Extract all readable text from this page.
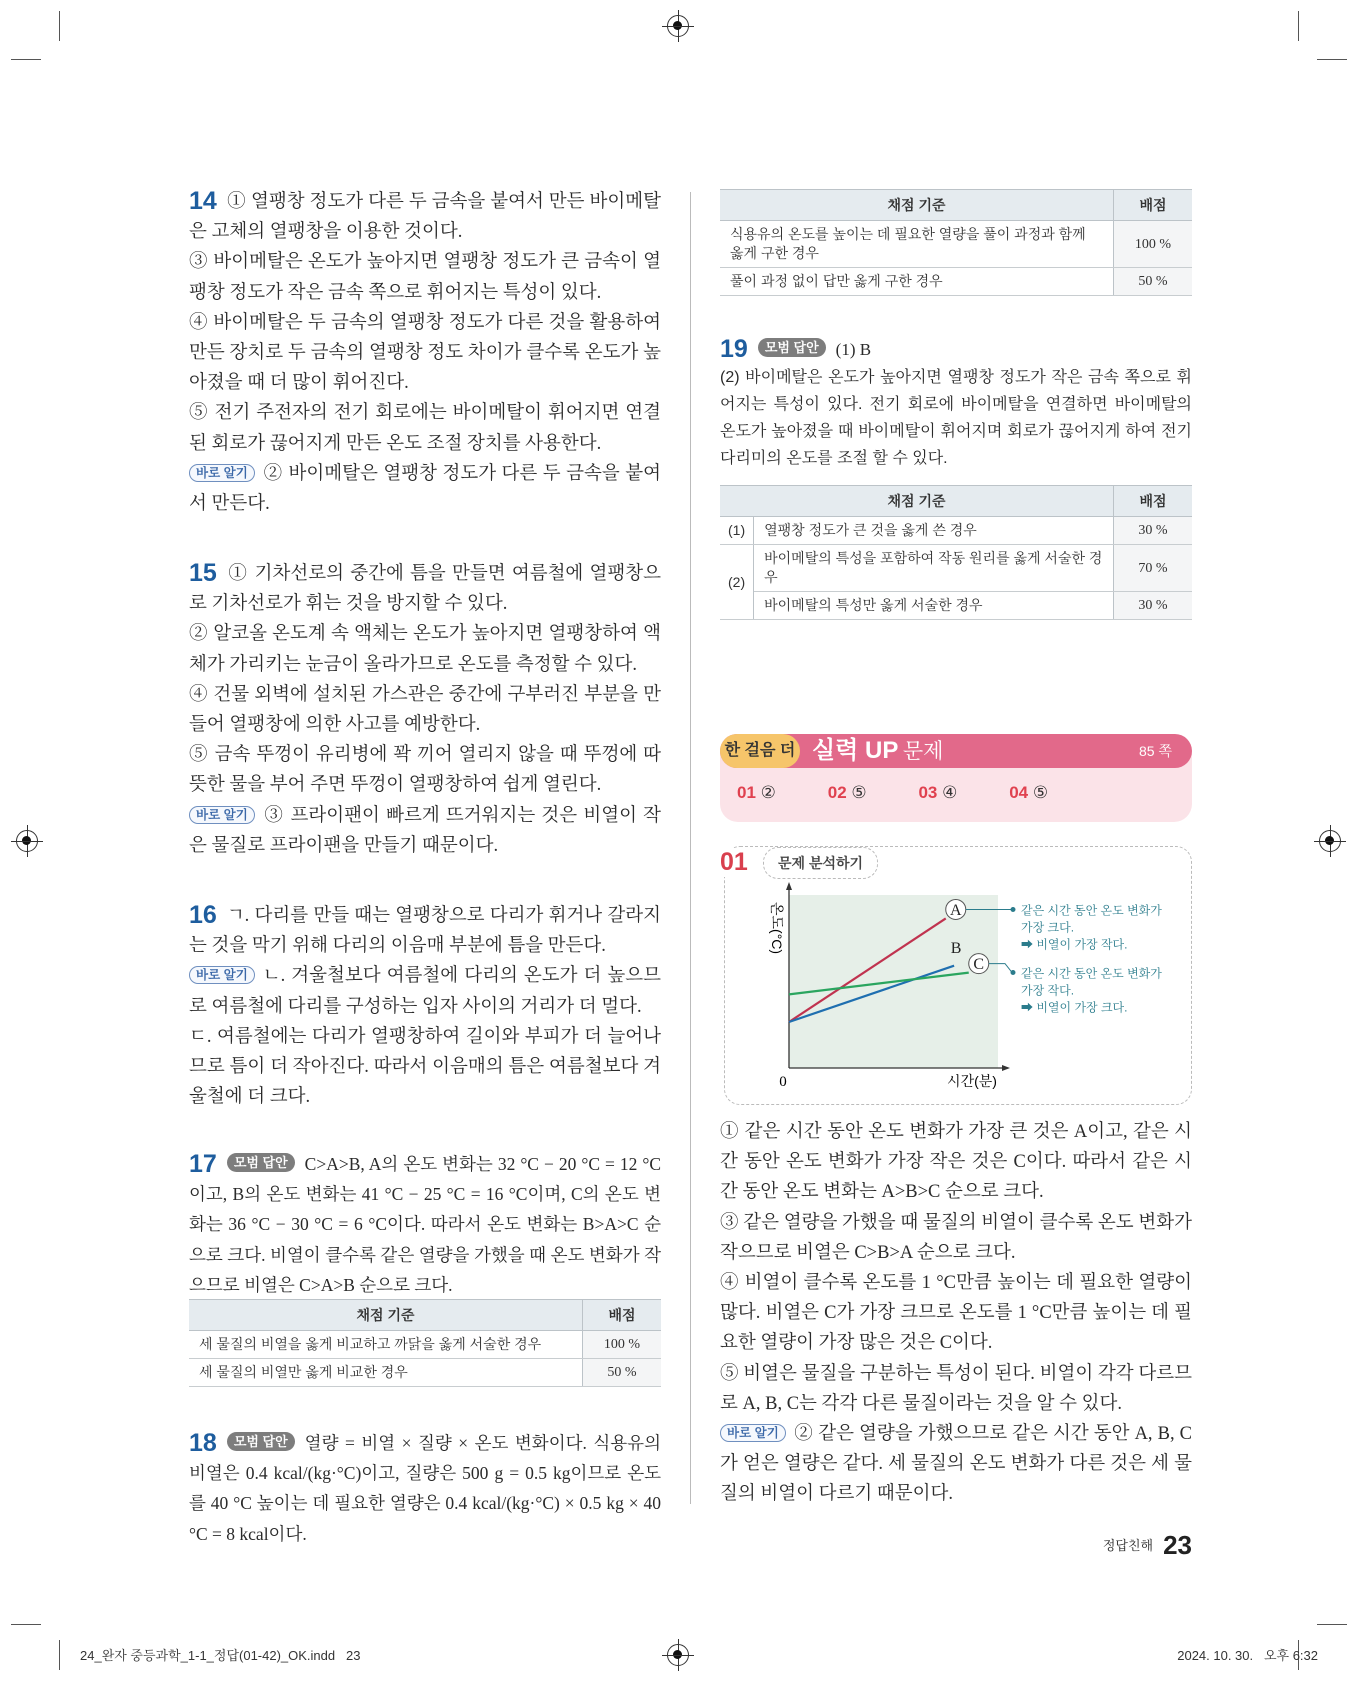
14 ① 열팽창 정도가 다른 두 금속을 붙여서 만든 바이메탈은 고체의 열팽창을 이용한 것이다.

③ 바이메탈은 온도가 높아지면 열팽창 정도가 큰 금속이 열팽창 정도가 작은 금속 쪽으로 휘어지는 특성이 있다.

④ 바이메탈은 두 금속의 열팽창 정도가 다른 것을 활용하여 만든 장치로 두 금속의 열팽창 정도 차이가 클수록 온도가 높아졌을 때 더 많이 휘어진다.

⑤ 전기 주전자의 전기 회로에는 바이메탈이 휘어지면 연결된 회로가 끊어지게 만든 온도 조절 장치를 사용한다.

바로 알기 ② 바이메탈은 열팽창 정도가 다른 두 금속을 붙여서 만든다.

15 ① 기차선로의 중간에 틈을 만들면 여름철에 열팽창으로 기차선로가 휘는 것을 방지할 수 있다.

② 알코올 온도계 속 액체는 온도가 높아지면 열팽창하여 액체가 가리키는 눈금이 올라가므로 온도를 측정할 수 있다.

④ 건물 외벽에 설치된 가스관은 중간에 구부러진 부분을 만들어 열팽창에 의한 사고를 예방한다.

⑤ 금속 뚜껑이 유리병에 꽉 끼어 열리지 않을 때 뚜껑에 따뜻한 물을 부어 주면 뚜껑이 열팽창하여 쉽게 열린다.

바로 알기 ③ 프라이팬이 빠르게 뜨거워지는 것은 비열이 작은 물질로 프라이팬을 만들기 때문이다.

16 ㄱ. 다리를 만들 때는 열팽창으로 다리가 휘거나 갈라지는 것을 막기 위해 다리의 이음매 부분에 틈을 만든다.

바로 알기 ㄴ. 겨울철보다 여름철에 다리의 온도가 더 높으므로 여름철에 다리를 구성하는 입자 사이의 거리가 더 멀다.

ㄷ. 여름철에는 다리가 열팽창하여 길이와 부피가 더 늘어나므로 틈이 더 작아진다. 따라서 이음매의 틈은 여름철보다 겨울철에 더 크다.

17 모범 답안 C>A>B, A의 온도 변화는 32 °C − 20 °C = 12 °C이고, B의 온도 변화는 41 °C − 25 °C = 16 °C이며, C의 온도 변화는 36 °C − 30 °C = 6 °C이다. 따라서 온도 변화는 B>A>C 순으로 크다. 비열이 클수록 같은 열량을 가했을 때 온도 변화가 작으므로 비열은 C>A>B 순으로 크다.

채점 기준	배점
세 물질의 비열을 옳게 비교하고 까닭을 옳게 서술한 경우	100 %
세 물질의 비열만 옳게 비교한 경우	50 %

18 모범 답안 열량 = 비열 × 질량 × 온도 변화이다. 식용유의 비열은 0.4 kcal/(kg·°C)이고, 질량은 500 g = 0.5 kg이므로 온도를 40 °C 높이는 데 필요한 열량은 0.4 kcal/(kg·°C) × 0.5 kg × 40 °C = 8 kcal이다.

채점 기준	배점
식용유의 온도를 높이는 데 필요한 열량을 풀이 과정과 함께 옳게 구한 경우	100 %
풀이 과정 없이 답만 옳게 구한 경우	50 %
19 모범 답안 (1) B
(2) 바이메탈은 온도가 높아지면 열팽창 정도가 작은 금속 쪽으로 휘어지는 특성이 있다. 전기 회로에 바이메탈을 연결하면 바이메탈의 온도가 높아졌을 때 바이메탈이 휘어지며 회로가 끊어지게 하여 전기다리미의 온도를 조절 할 수 있다.
채점 기준		배점
(1)	열팽창 정도가 큰 것을 옳게 쓴 경우	30 %
(2)	바이메탈의 특성을 포함하여 작동 원리를 옳게 서술한 경우	70 %
	바이메탈의 특성만 옳게 서술한 경우	30 %
한 걸음 더 실력 UP 문제	85 쪽
01 ②	02 ⑤	03 ④	04 ⑤
01	문제 분석하기
A
B
C
같은 시간 동안 온도 변화가
가장 크다.
➡ 비열이 가장 작다.
같은 시간 동안 온도 변화가
가장 작다.
➡ 비열이 가장 크다.
0	시간(분)
온도(°C)

① 같은 시간 동안 온도 변화가 가장 큰 것은 A이고, 같은 시간 동안 온도 변화가 가장 작은 것은 C이다. 따라서 같은 시간 동안 온도 변화는 A>B>C 순으로 크다.

③ 같은 열량을 가했을 때 물질의 비열이 클수록 온도 변화가 작으므로 비열은 C>B>A 순으로 크다.

④ 비열이 클수록 온도를 1 °C만큼 높이는 데 필요한 열량이 많다. 비열은 C가 가장 크므로 온도를 1 °C만큼 높이는 데 필요한 열량이 가장 많은 것은 C이다.

⑤ 비열은 물질을 구분하는 특성이 된다. 비열이 각각 다르므로 A, B, C는 각각 다른 물질이라는 것을 알 수 있다.

바로 알기 ② 같은 열량을 가했으므로 같은 시간 동안 A, B, C가 얻은 열량은 같다. 세 물질의 온도 변화가 다른 것은 세 물질의 비열이 다르기 때문이다.

$^{정답친해}$ 23
24_완자 중등과학_1-1_정답(01-42)_OK.indd   23	2024. 10. 30.   오후 6:32
